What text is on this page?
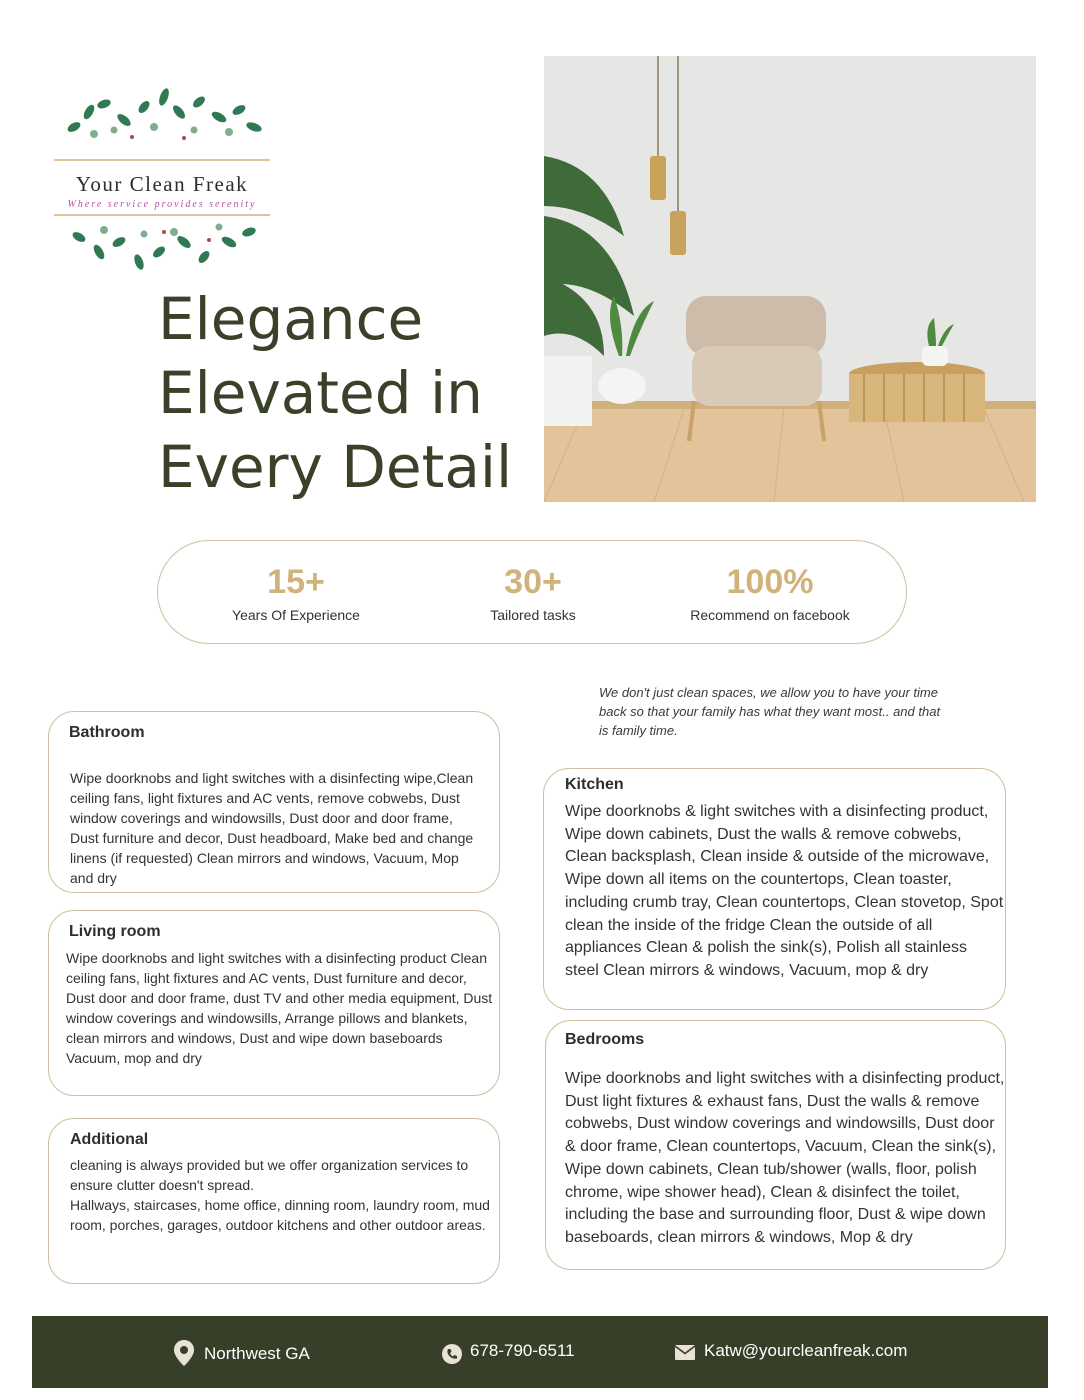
Your Clean Freak
Where service provides serenity
Elegance
Elevated in
Every Detail
15+
Years Of Experience
30+
Tailored tasks
100%
Recommend on facebook
We don't just clean spaces, we allow you to have your time back so that your family has what they want most.. and that is family time.
Bathroom
Wipe doorknobs and light switches with a disinfecting wipe,Clean ceiling fans, light fixtures and AC vents, remove cobwebs, Dust window coverings and windowsills, Dust door and door frame, Dust furniture and decor, Dust headboard, Make bed and change linens (if requested) Clean mirrors and windows, Vacuum, Mop and dry
Living room
Wipe doorknobs and light switches with a disinfecting product Clean ceiling fans, light fixtures and AC vents, Dust furniture and decor, Dust door and door frame, dust TV and other media equipment, Dust window coverings and windowsills, Arrange pillows and blankets, clean mirrors and windows, Dust and wipe down baseboards Vacuum, mop and dry
Additional
cleaning is always provided but we offer organization services to ensure clutter doesn't spread.
Hallways, staircases, home office, dinning room, laundry room, mud room, porches, garages, outdoor kitchens and other outdoor areas.
Kitchen
Wipe doorknobs & light switches with a disinfecting product, Wipe down cabinets, Dust the walls & remove cobwebs, Clean backsplash, Clean inside & outside of the microwave, Wipe down all items on the countertops, Clean toaster, including crumb tray, Clean countertops, Clean stovetop, Spot clean the inside of the fridge Clean the outside of all appliances Clean & polish the sink(s), Polish all stainless steel Clean mirrors & windows, Vacuum, mop & dry
Bedrooms
Wipe doorknobs and light switches with a disinfecting product, Dust light fixtures & exhaust fans, Dust the walls & remove cobwebs, Dust window coverings and windowsills, Dust door & door frame, Clean countertops, Vacuum, Clean the sink(s), Wipe down cabinets, Clean tub/shower (walls, floor, polish chrome, wipe shower head), Clean & disinfect the toilet, including the base and surrounding floor, Dust & wipe down baseboards, clean mirrors & windows, Mop & dry
Northwest GA	678-790-6511	Katw@yourcleanfreak.com
